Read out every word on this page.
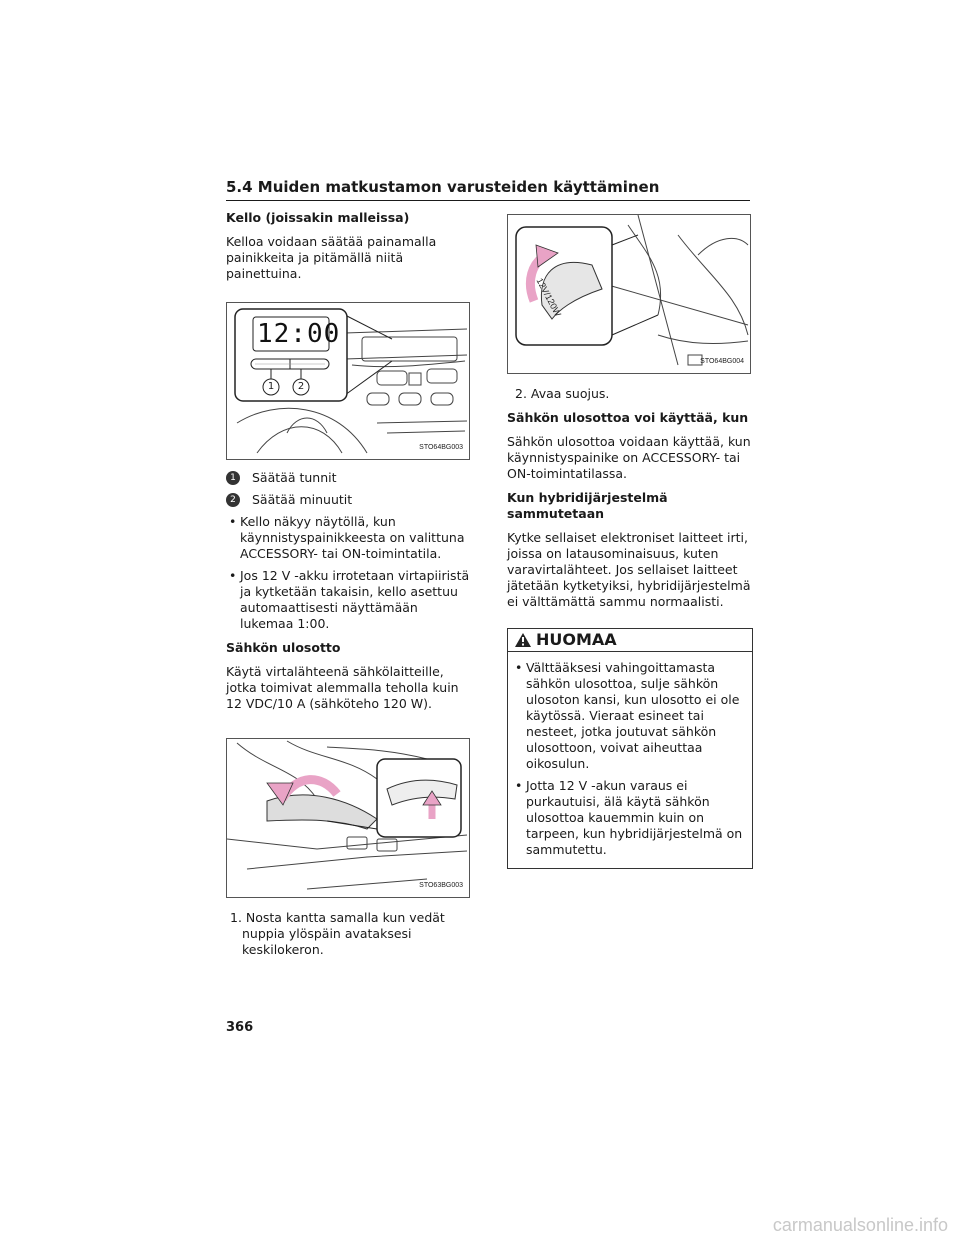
5.4 Muiden matkustamon varusteiden käyttäminen
Kello (joissakin malleissa)

Kelloa voidaan säätää painamalla painikkeita ja pitämällä niitä painettuina.

12:00
1 2
STO64BG003
1	Säätää tunnit
2	Säätää minuutit
• Kello näkyy näytöllä, kun käynnistyspainikkeesta on valittuna ACCESSORY- tai ON-toimintatila.
• Jos 12 V -akku irrotetaan virtapiiristä ja kytketään takaisin, kello asettuu automaattisesti näyttämään lukemaa 1:00.
Sähkön ulosotto

Käytä virtalähteenä sähkölaitteille, jotka toimivat alemmalla teholla kuin 12 VDC/10 A (sähköteho 120 W).

STO63BG003

1. Nosta kantta samalla kun vedät nuppia ylöspäin avataksesi keskilokeron.

12V/120W
STO64BG004

2. Avaa suojus.

Sähkön ulosottoa voi käyttää, kun

Sähkön ulosottoa voidaan käyttää, kun käynnistyspainike on ACCESSORY- tai ON-toimintatilassa.

Kun hybridijärjestelmä sammutetaan

Kytke sellaiset elektroniset laitteet irti, joissa on latausominaisuus, kuten varavirtalähteet. Jos sellaiset laitteet jätetään kytketyiksi, hybridijärjestelmä ei välttämättä sammu normaalisti.

HUOMAA
• Välttääksesi vahingoittamasta sähkön ulosottoa, sulje sähkön ulosoton kansi, kun ulosotto ei ole käytössä. Vieraat esineet tai nesteet, jotka joutuvat sähkön ulosottoon, voivat aiheuttaa oikosulun.
• Jotta 12 V -akun varaus ei purkautuisi, älä käytä sähkön ulosottoa kauemmin kuin on tarpeen, kun hybridijärjestelmä on sammutettu.
366
carmanualsonline.info
